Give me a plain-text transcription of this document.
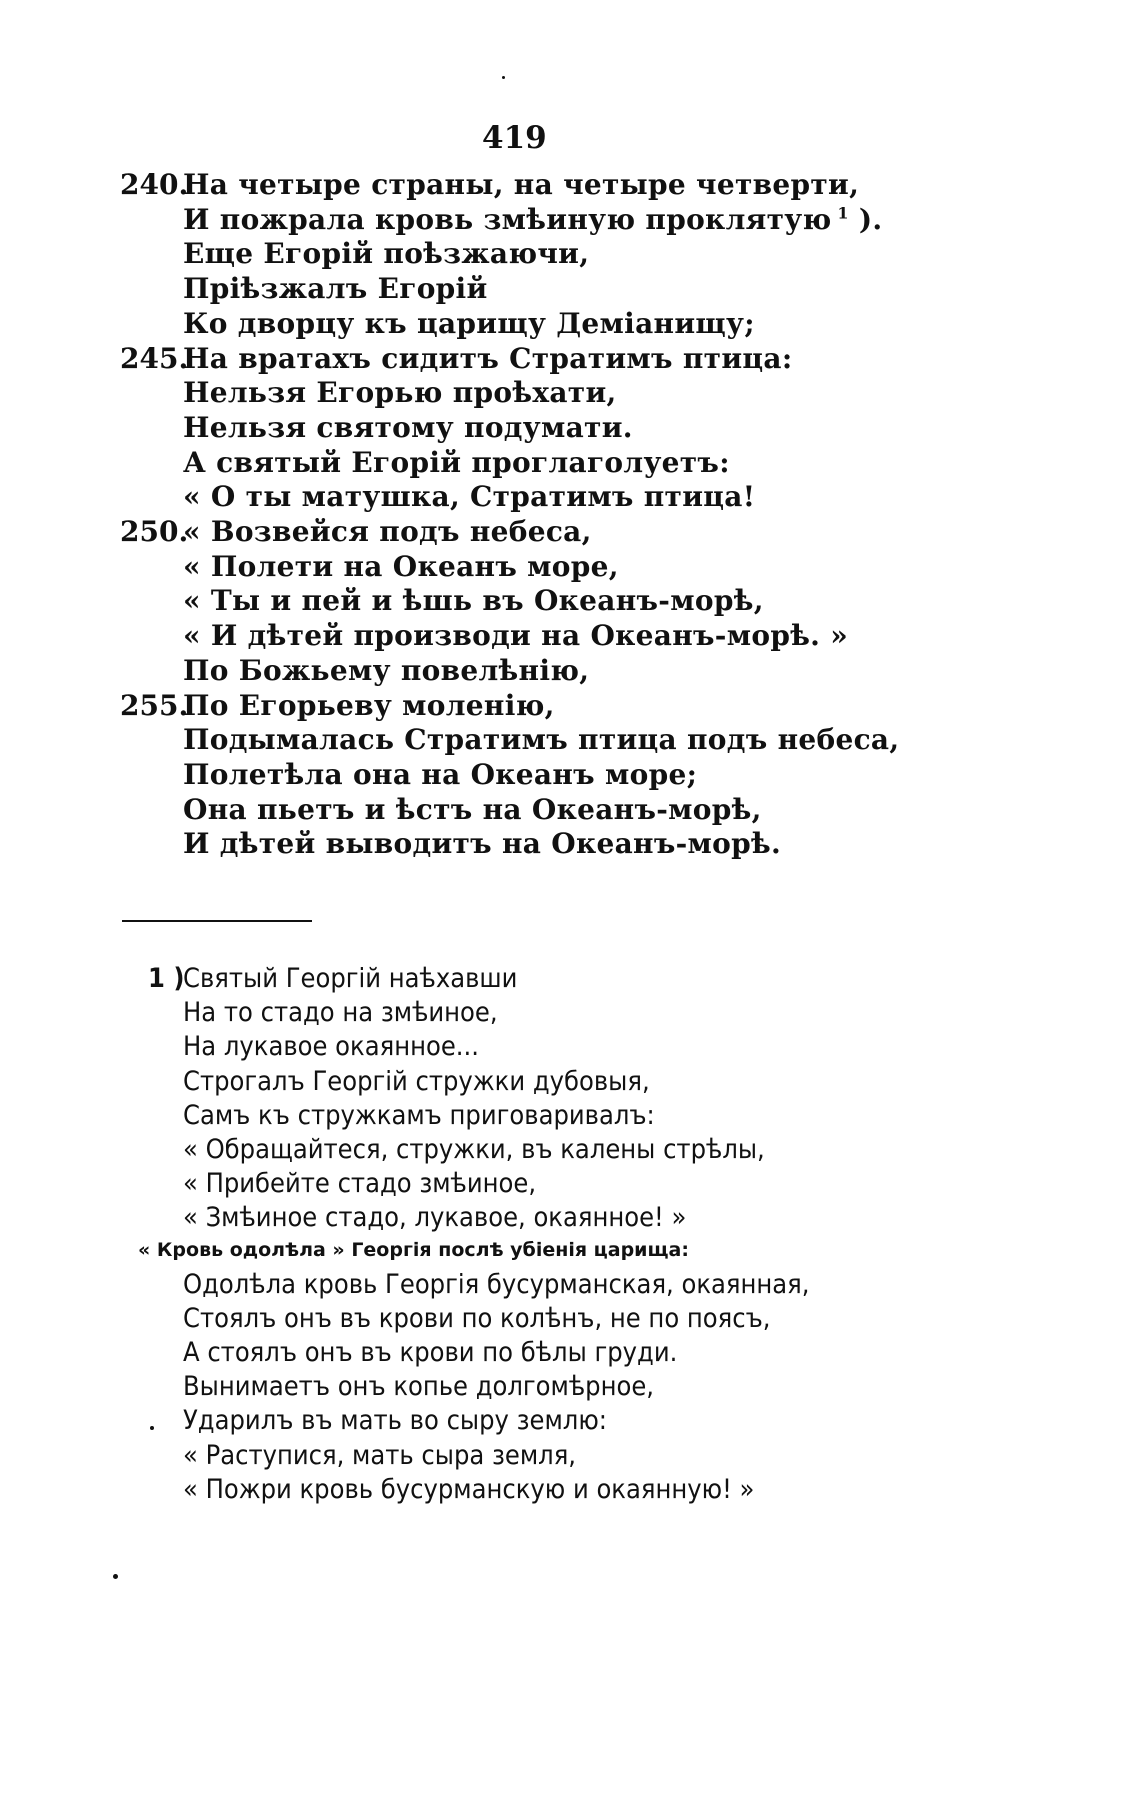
419
240.
На четыре страны, на четыре четверти,
И пожрала кровь змѣиную проклятую $^1$ ).
Еще Егорій поѣзжаючи,
Пріѣзжалъ Егорій
Ко дворцу къ царищу Деміанищу;
245.
На вратахъ сидитъ Стратимъ птица:
Нельзя Егорью проѣхати,
Нельзя святому подумати.
А святый Егорій проглаголуетъ:
« О ты матушка, Стратимъ птица!
250.
« Возвейся подъ небеса,
« Полети на Океанъ море,
« Ты и пей и ѣшь въ Океанъ-морѣ,
« И дѣтей производи на Океанъ-морѣ. »
По Божьему повелѣнію,
255.
По Егорьеву моленію,
Подымалась Стратимъ птица подъ небеса,
Полетѣла она на Океанъ море;
Она пьетъ и ѣстъ на Океанъ-морѣ,
И дѣтей выводитъ на Океанъ-морѣ.
1 )
Святый Георгій наѣхавши
На то стадо на змѣиное,
На лукавое окаянное...
Строгалъ Георгій стружки дубовыя,
Самъ къ стружкамъ приговаривалъ:
« Обращайтеся, стружки, въ калены стрѣлы,
« Прибейте стадо змѣиное,
« Змѣиное стадо, лукавое, окаянное! »
« Кровь одолѣла » Георгія послѣ убіенія царища:
Одолѣла кровь Георгія бусурманская, окаянная,
Стоялъ онъ въ крови по колѣнъ, не по поясъ,
А стоялъ онъ въ крови по бѣлы груди.
Вынимаетъ онъ копье долгомѣрное,
Ударилъ въ мать во сыру землю:
« Раступися, мать сыра земля,
« Пожри кровь бусурманскую и окаянную! »
